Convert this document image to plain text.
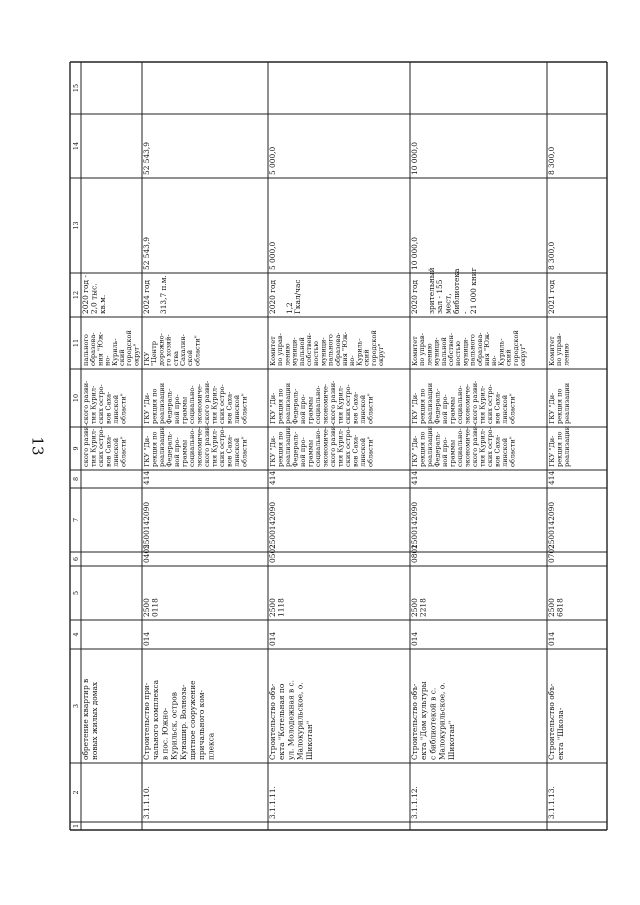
13
1
2
3
4
5
6
7
8
9
10
11
12
13
14
15
обретение квартир в новых жилых домах
ского разви- тия Курил- ских остро- вов Саха- линской области"
ского разви- тия Курил- ских остро- вов Саха- линской области"
пального образова- ния "Юж- но- Куриль- ский городской округ"
2020 год - 2,0 тыс. кв.м.
3.1.1.10.
Строительство при- чального комплекса в пос. Южно- Курильск, остров Кунашир. Волноза- щитное сооружение причального ком- плекса
014
2500 0118
0405
2500142090
414
ГКУ "Ди- рекция по реализации Федераль- ной про- граммы социально- экономиче- ского разви- тия Курил- ских остро- вов Саха- линской области"
ГКУ "Ди- рекция по реализации Федераль- ной про- граммы социально- экономиче- ского разви- тия Курил- ских остро- вов Саха- линской области"
ГКУ "Центр дорожно- го хозяй- ства Сахалин- ской области"
2024 год 313,7 п.м.
52 543,9
52 543,9
3.1.1.11.
Строительство объ- екта "Котельная по ул. Молодежная в с. Малокурильское, о. Шикотан"
014
2500 1118
0502
2500142090
414
ГКУ "Ди- рекция по реализации Федераль- ной про- граммы социально- экономиче- ского разви- тия Курил- ских остро- вов Саха- линской области"
ГКУ "Ди- рекция по реализации Федераль- ной про- граммы социально- экономиче- ского разви- тия Курил- ских остро- вов Саха- линской области"
Комитет по управ- лению муници- пальной собствен- ностью муници- пального образова- ния "Юж- но- Куриль- ский городской округ"
2020 год 1,2 Гкал/час
5 000,0
5 000,0
3.1.1.12.
Строительство объ- екта "Дом культуры с библиотекой в с. Малокурильское, о. Шикотан"
014
2500 2218
0801
2500142090
414
ГКУ "Ди- рекция по реализации Федераль- ной про- граммы социально- экономиче- ского разви- тия Курил- ских остро- вов Саха- линской области"
ГКУ "Ди- рекция по реализации Федераль- ной про- граммы социально- экономиче- ского разви- тия Курил- ских остро- вов Саха- линской области"
Комитет по управ- лению муници- пальной собствен- ностью муници- пального образова- ния "Юж- но- Куриль- ский городской округ"
2020 год зрительный зал - 155 мест, библиотека - 21 000 книг
10 000,0
10 000,0
3.1.1.13.
Строительство объ- екта "Школа-
014
2500 6818
0702
2500142090
414
ГКУ "Ди- рекция по реализации
ГКУ "Ди- рекция по реализации
Комитет по управ- лению
2021 год
8 300,0
8 300,0
